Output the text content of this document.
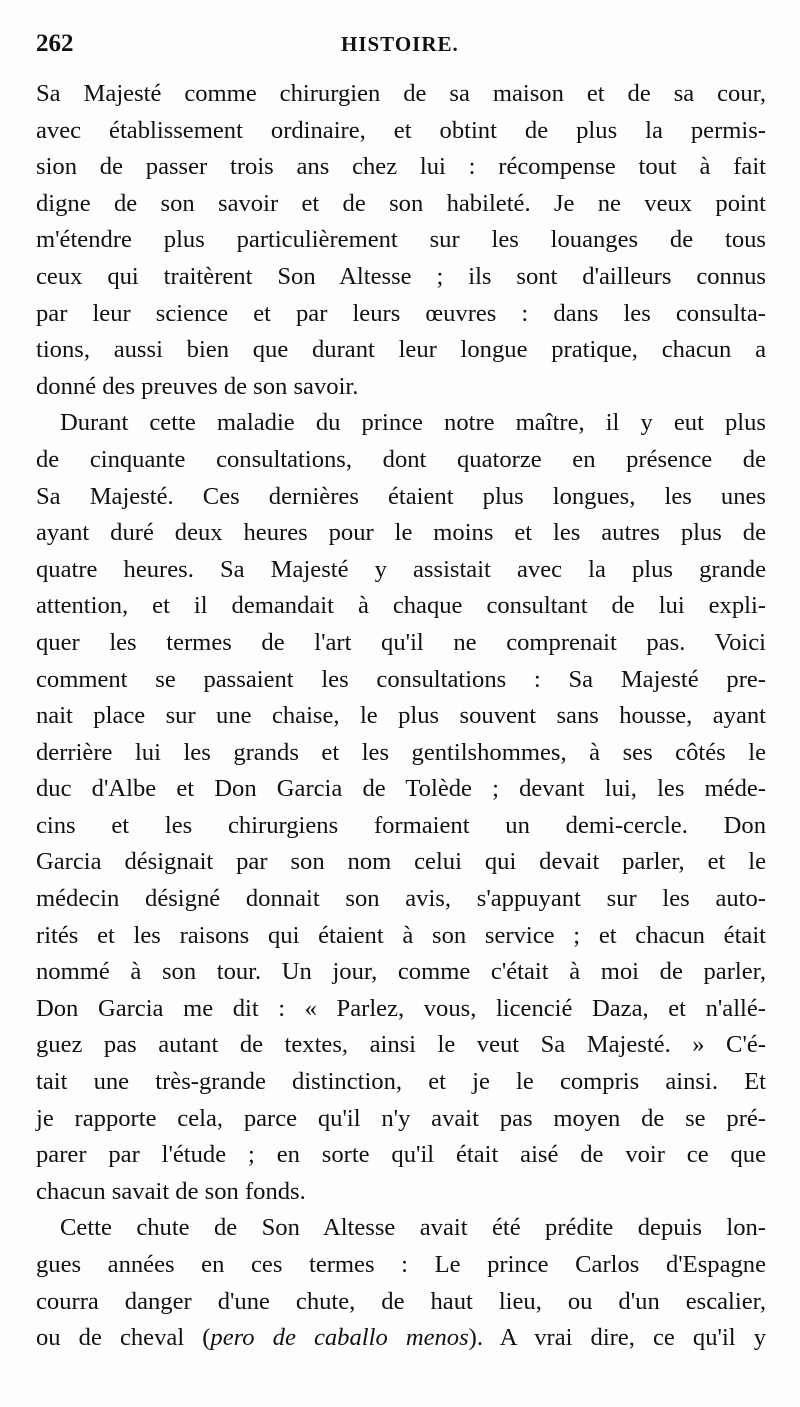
262	HISTOIRE.
Sa Majesté comme chirurgien de sa maison et de sa cour,
avec établissement ordinaire, et obtint de plus la permis-
sion de passer trois ans chez lui : récompense tout à fait
digne de son savoir et de son habileté. Je ne veux point
m'étendre plus particulièrement sur les louanges de tous
ceux qui traitèrent Son Altesse ; ils sont d'ailleurs connus
par leur science et par leurs œuvres : dans les consulta-
tions, aussi bien que durant leur longue pratique, chacun a
donné des preuves de son savoir.
Durant cette maladie du prince notre maître, il y eut plus
de cinquante consultations, dont quatorze en présence de
Sa Majesté. Ces dernières étaient plus longues, les unes
ayant duré deux heures pour le moins et les autres plus de
quatre heures. Sa Majesté y assistait avec la plus grande
attention, et il demandait à chaque consultant de lui expli-
quer les termes de l'art qu'il ne comprenait pas. Voici
comment se passaient les consultations : Sa Majesté pre-
nait place sur une chaise, le plus souvent sans housse, ayant
derrière lui les grands et les gentilshommes, à ses côtés le
duc d'Albe et Don Garcia de Tolède ; devant lui, les méde-
cins et les chirurgiens formaient un demi-cercle. Don
Garcia désignait par son nom celui qui devait parler, et le
médecin désigné donnait son avis, s'appuyant sur les auto-
rités et les raisons qui étaient à son service ; et chacun était
nommé à son tour. Un jour, comme c'était à moi de parler,
Don Garcia me dit : « Parlez, vous, licencié Daza, et n'allé-
guez pas autant de textes, ainsi le veut Sa Majesté. » C'é-
tait une très-grande distinction, et je le compris ainsi. Et
je rapporte cela, parce qu'il n'y avait pas moyen de se pré-
parer par l'étude ; en sorte qu'il était aisé de voir ce que
chacun savait de son fonds.
Cette chute de Son Altesse avait été prédite depuis lon-
gues années en ces termes : Le prince Carlos d'Espagne
courra danger d'une chute, de haut lieu, ou d'un escalier,
ou de cheval (pero de caballo menos). A vrai dire, ce qu'il y
